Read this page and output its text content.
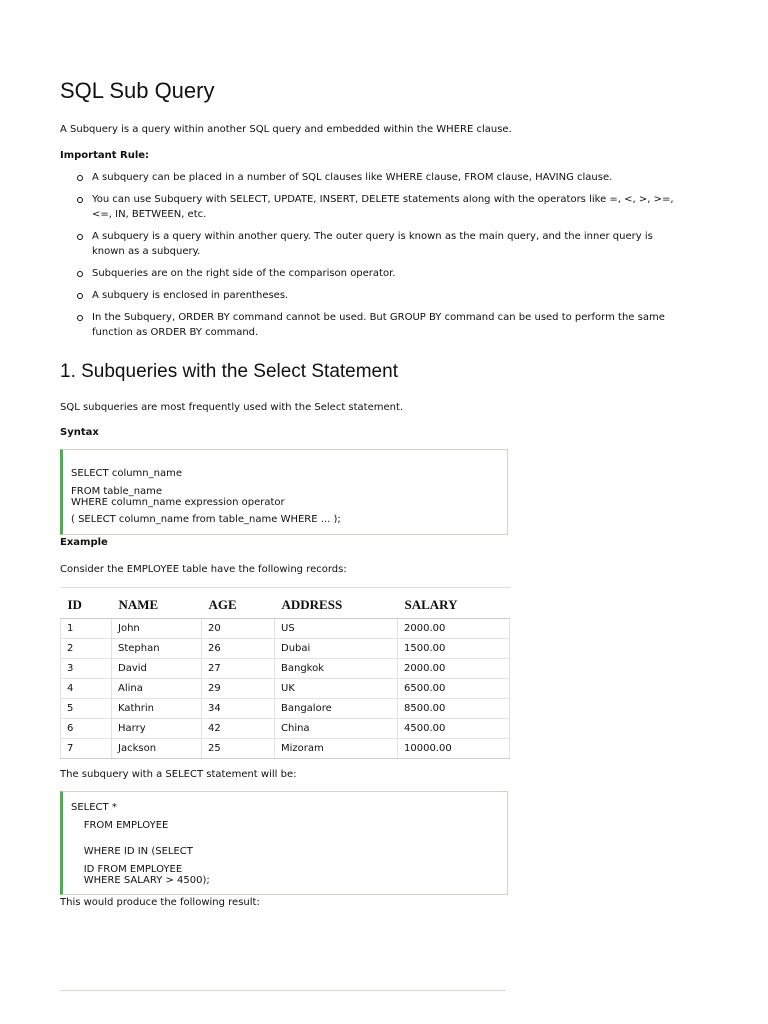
SQL Sub Query

A Subquery is a query within another SQL query and embedded within the WHERE clause.

Important Rule:

A subquery can be placed in a number of SQL clauses like WHERE clause, FROM clause, HAVING clause.
You can use Subquery with SELECT, UPDATE, INSERT, DELETE statements along with the operators like =, <, >, >=, <=, IN, BETWEEN, etc.
A subquery is a query within another query. The outer query is known as the main query, and the inner query is known as a subquery.
Subqueries are on the right side of the comparison operator.
A subquery is enclosed in parentheses.
In the Subquery, ORDER BY command cannot be used. But GROUP BY command can be used to perform the same function as ORDER BY command.
1. Subqueries with the Select Statement

SQL subqueries are most frequently used with the Select statement.

Syntax

SELECT column_name
FROM table_name
WHERE column_name expression operator
( SELECT column_name from table_name WHERE ... );

Example

Consider the EMPLOYEE table have the following records:

ID	NAME	AGE	ADDRESS	SALARY
1	John	20	US	2000.00
2	Stephan	26	Dubai	1500.00
3	David	27	Bangkok	2000.00
4	Alina	29	UK	6500.00
5	Kathrin	34	Bangalore	8500.00
6	Harry	42	China	4500.00
7	Jackson	25	Mizoram	10000.00

The subquery with a SELECT statement will be:

SELECT *
FROM EMPLOYEE
WHERE ID IN (SELECT
ID FROM EMPLOYEE
WHERE SALARY > 4500);

This would produce the following result:
